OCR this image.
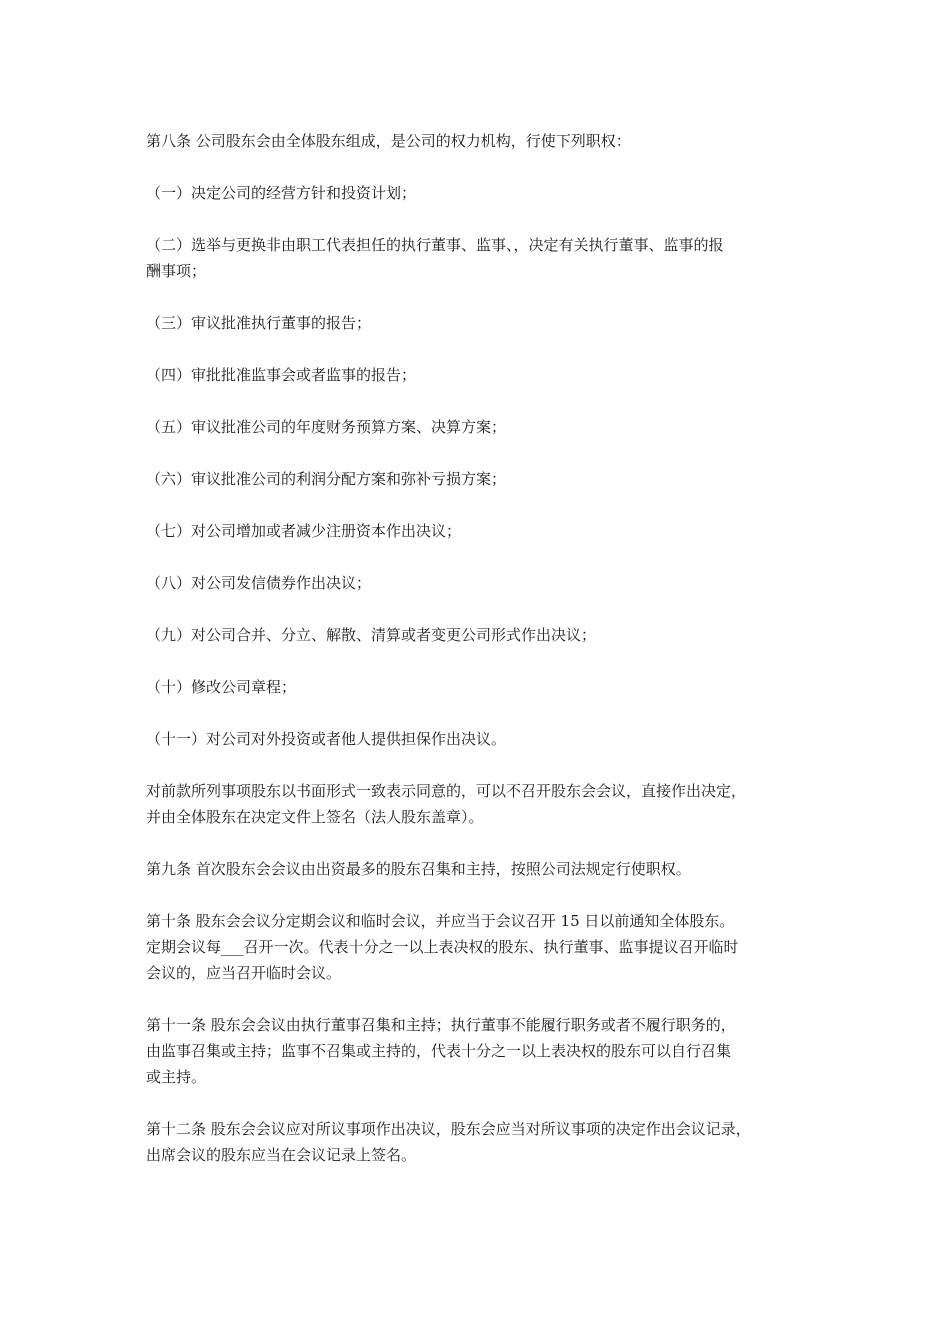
第八条 公司股东会由全体股东组成，是公司的权力机构，行使下列职权：

（一）决定公司的经营方针和投资计划；

（二）选举与更换非由职工代表担任的执行董事、监事、，决定有关执行董事、监事的报
酬事项；

（三）审议批准执行董事的报告；

（四）审批批准监事会或者监事的报告；

（五）审议批准公司的年度财务预算方案、决算方案；

（六）审议批准公司的利润分配方案和弥补亏损方案；

（七）对公司增加或者减少注册资本作出决议；

（八）对公司发信债券作出决议；

（九）对公司合并、分立、解散、清算或者变更公司形式作出决议；

（十）修改公司章程；

（十一）对公司对外投资或者他人提供担保作出决议。

对前款所列事项股东以书面形式一致表示同意的，可以不召开股东会会议，直接作出决定，
并由全体股东在决定文件上签名（法人股东盖章）。

第九条 首次股东会会议由出资最多的股东召集和主持，按照公司法规定行使职权。

第十条 股东会会议分定期会议和临时会议，并应当于会议召开 15 日以前通知全体股东。
定期会议每___召开一次。代表十分之一以上表决权的股东、执行董事、监事提议召开临时
会议的，应当召开临时会议。

第十一条 股东会会议由执行董事召集和主持；执行董事不能履行职务或者不履行职务的，
由监事召集或主持；监事不召集或主持的，代表十分之一以上表决权的股东可以自行召集
或主持。

第十二条 股东会会议应对所议事项作出决议，股东会应当对所议事项的决定作出会议记录，
出席会议的股东应当在会议记录上签名。
